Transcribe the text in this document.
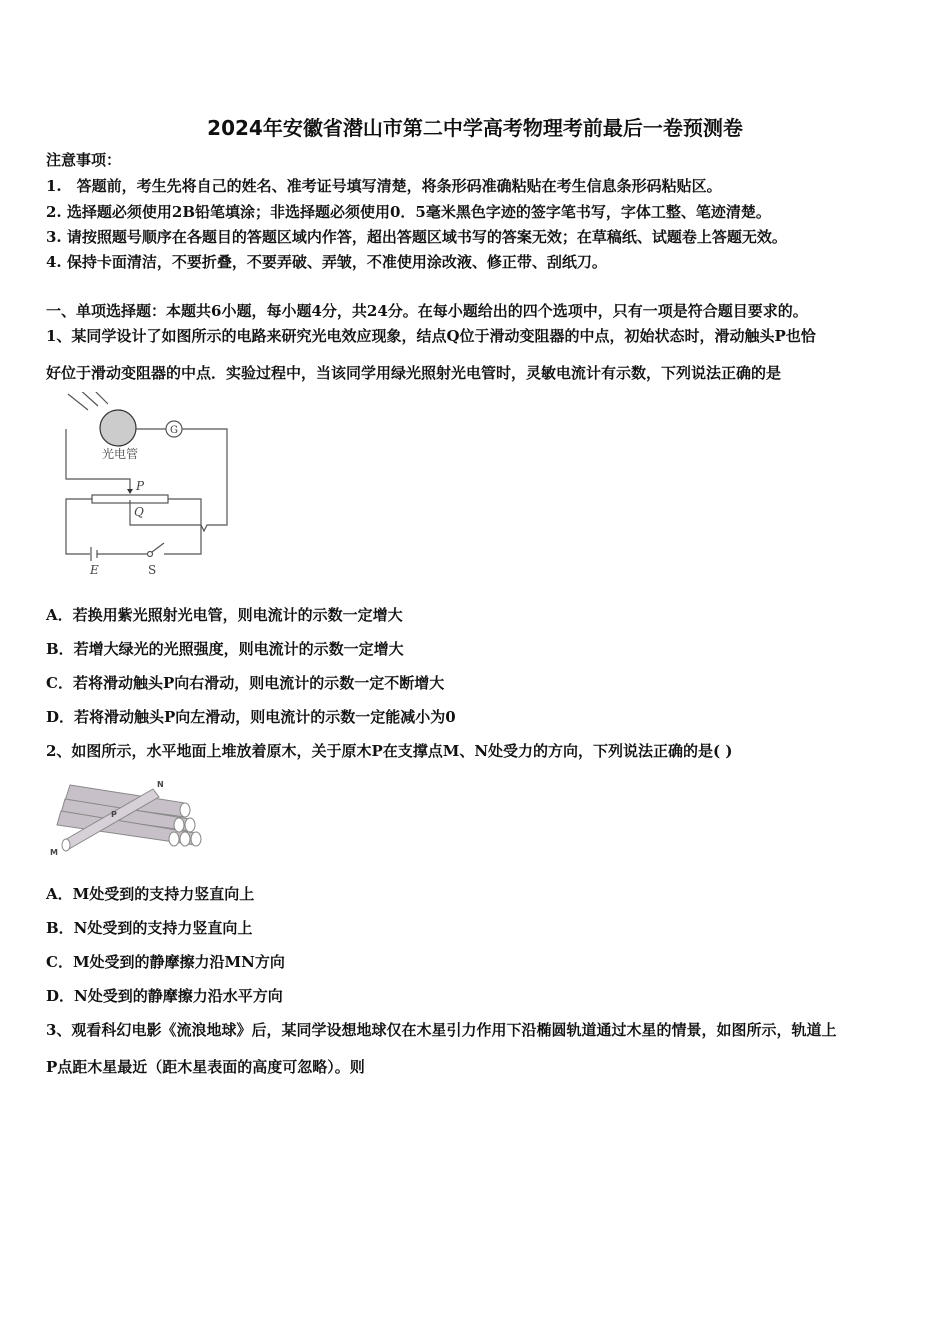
2024年安徽省潜山市第二中学高考物理考前最后一卷预测卷
注意事项：
1.　答题前，考生先将自己的姓名、准考证号填写清楚，将条形码准确粘贴在考生信息条形码粘贴区。
2. 选择题必须使用2B铅笔填涂；非选择题必须使用0．5毫米黑色字迹的签字笔书写，字体工整、笔迹清楚。
3. 请按照题号顺序在各题目的答题区域内作答，超出答题区域书写的答案无效；在草稿纸、试题卷上答题无效。
4. 保持卡面清洁，不要折叠，不要弄破、弄皱，不准使用涂改液、修正带、刮纸刀。
一、单项选择题：本题共6小题，每小题4分，共24分。在每小题给出的四个选项中，只有一项是符合题目要求的。
1、某同学设计了如图所示的电路来研究光电效应现象，结点Q位于滑动变阻器的中点，初始状态时，滑动触头P也恰
好位于滑动变阻器的中点．实验过程中，当该同学用绿光照射光电管时，灵敏电流计有示数，下列说法正确的是
光电管
G
P
Q
E	S
A．若换用紫光照射光电管，则电流计的示数一定增大
B．若增大绿光的光照强度，则电流计的示数一定增大
C．若将滑动触头P向右滑动，则电流计的示数一定不断增大
D．若将滑动触头P向左滑动，则电流计的示数一定能减小为0
2、如图所示，水平地面上堆放着原木，关于原木P在支撑点M、N处受力的方向，下列说法正确的是( )
M
N
P
A．M处受到的支持力竖直向上
B．N处受到的支持力竖直向上
C．M处受到的静摩擦力沿MN方向
D．N处受到的静摩擦力沿水平方向
3、观看科幻电影《流浪地球》后，某同学设想地球仅在木星引力作用下沿椭圆轨道通过木星的情景，如图所示，轨道上
P点距木星最近（距木星表面的高度可忽略）。则
